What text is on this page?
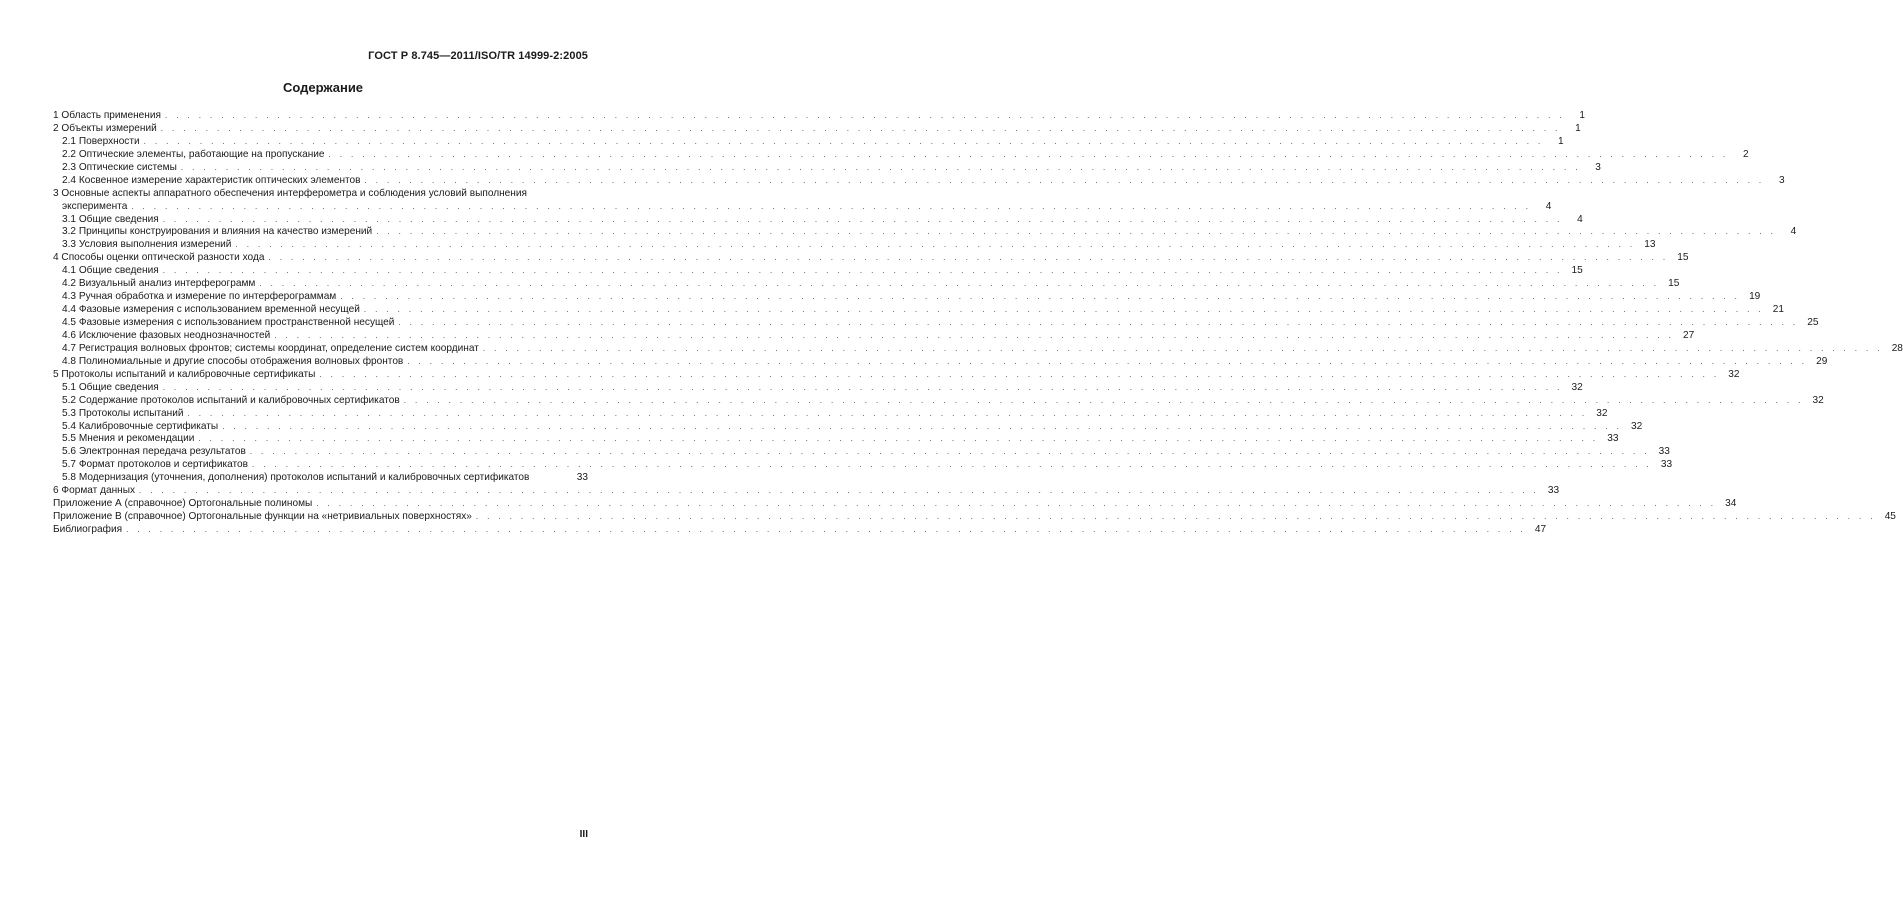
ГОСТ Р 8.745—2011/ISO/TR 14999-2:2005
Содержание
1 Область применения . . .	1
2 Объекты измерений . . .	1
2.1 Поверхности . . .	1
2.2 Оптические элементы, работающие на пропускание . . .	2
2.3 Оптические системы . . .	3
2.4 Косвенное измерение характеристик оптических элементов . . .	3
3 Основные аспекты аппаратного обеспечения интерферометра и соблюдения условий выполнения
эксперимента . . .	4
3.1 Общие сведения . . .	4
3.2 Принципы конструирования и влияния на качество измерений . . .	4
3.3 Условия выполнения измерений . . .	13
4 Способы оценки оптической разности хода . . .	15
4.1 Общие сведения . . .	15
4.2 Визуальный анализ интерферограмм . . .	15
4.3 Ручная обработка и измерение по интерферограммам . . .	19
4.4 Фазовые измерения с использованием временной несущей . . .	21
4.5 Фазовые измерения с использованием пространственной несущей . . .	25
4.6 Исключение фазовых неоднозначностей . . .	27
4.7 Регистрация волновых фронтов; системы координат, определение систем координат . . .	28
4.8 Полиномиальные и другие способы отображения волновых фронтов . . .	29
5 Протоколы испытаний и калибровочные сертификаты . . .	32
5.1 Общие сведения . . .	32
5.2 Содержание протоколов испытаний и калибровочных сертификатов . . .	32
5.3 Протоколы испытаний . . .	32
5.4 Калибровочные сертификаты . . .	32
5.5 Мнения и рекомендации . . .	33
5.6 Электронная передача результатов . . .	33
5.7 Формат протоколов и сертификатов . . .	33
5.8 Модернизация (уточнения, дополнения) протоколов испытаний и калибровочных сертификатов	33
6 Формат данных . . .	33
Приложение А (справочное) Ортогональные полиномы . . .	34
Приложение В (справочное) Ортогональные функции на «нетривиальных поверхностях» . . .	45
Библиография . . .	47
III
